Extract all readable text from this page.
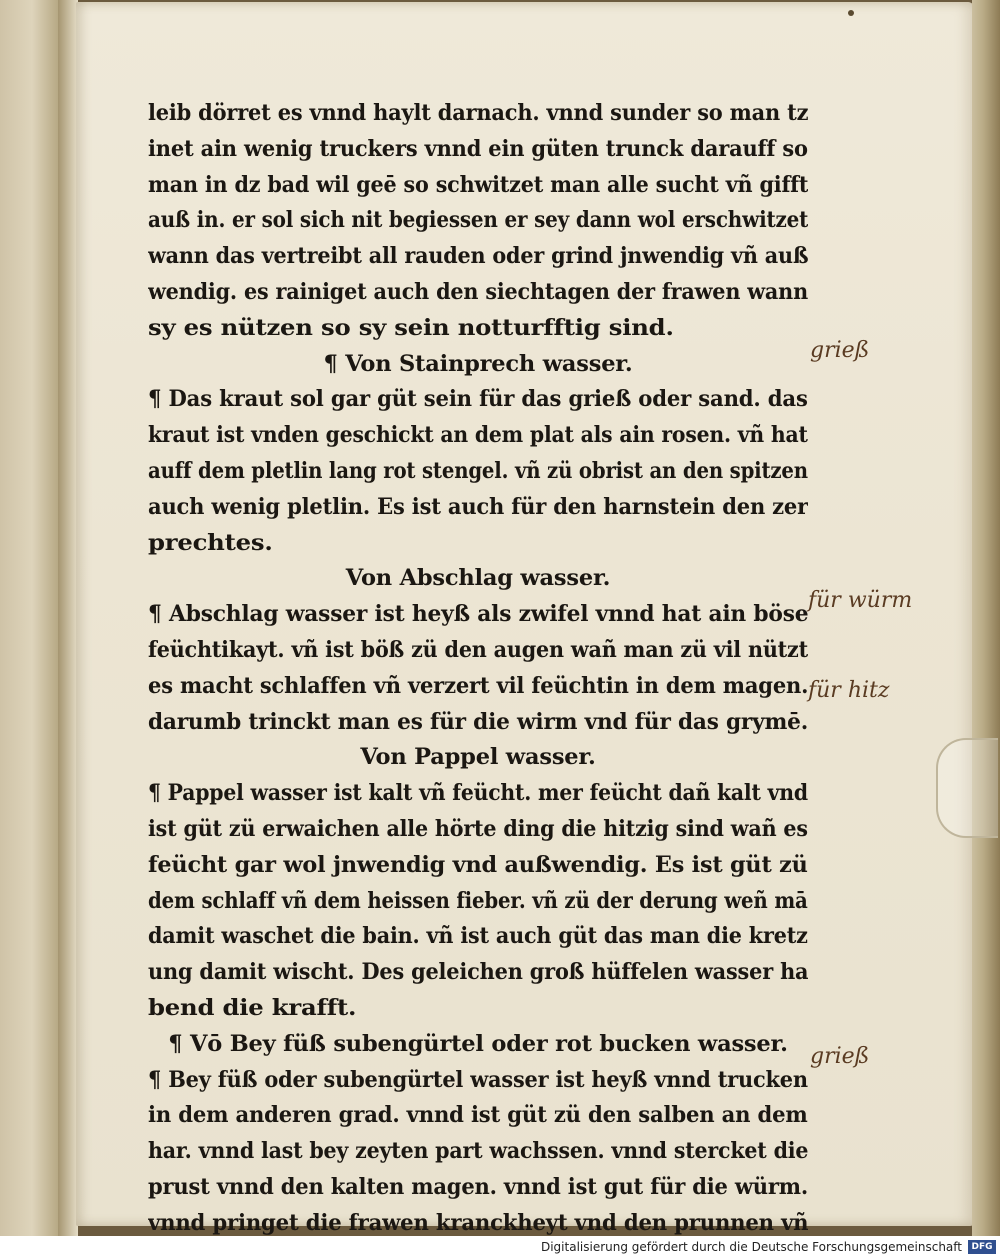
leib dörret es vnnd haylt darnach. vnnd sunder so man tz
inet ain wenig truckers vnnd ein güten trunck darauff so
man in dz bad wil geē so schwitzet man alle sucht vñ gifft
auß in. er sol sich nit begiessen er sey dann wol erschwitzet
wann das vertreibt all rauden oder grind jnwendig vñ auß
wendig. es rainiget auch den siechtagen der frawen wann
sy es nützen so sy sein notturfftig sind.
¶ Von Stainprech wasser.
¶ Das kraut sol gar güt sein für das grieß oder sand. das
kraut ist vnden geschickt an dem plat als ain rosen. vñ hat
auff dem pletlin lang rot stengel. vñ zü obrist an den spitzen
auch wenig pletlin. Es ist auch für den harnstein den zer
prechtes.
Von Abschlag wasser.
¶ Abschlag wasser ist heyß als zwifel vnnd hat ain böse
feüchtikayt. vñ ist böß zü den augen wañ man zü vil nützt
es macht schlaffen vñ verzert vil feüchtin in dem magen.
darumb trinckt man es für die wirm vnd für das grymē.
Von Pappel wasser.
¶ Pappel wasser ist kalt vñ feücht. mer feücht dañ kalt vnd
ist güt zü erwaichen alle hörte ding die hitzig sind wañ es
feücht gar wol jnwendig vnd außwendig. Es ist güt zü
dem schlaff vñ dem heissen fieber. vñ zü der derung weñ mā
damit waschet die bain. vñ ist auch güt das man die kretz
ung damit wischt. Des geleichen groß hüffelen wasser ha
bend die krafft.
¶ Vō Bey füß subengürtel oder rot bucken wasser.
¶ Bey füß oder subengürtel wasser ist heyß vnnd trucken
in dem anderen grad. vnnd ist güt zü den salben an dem
har. vnnd last bey zeyten part wachssen. vnnd stercket die
prust vnnd den kalten magen. vnnd ist gut für die würm.
vnnd pringet die frawen kranckheyt vnd den prunnen vñ
grieß
für würm
für hitz
grieß
Digitalisierung gefördert durch die Deutsche Forschungsgemeinschaft	DFG
